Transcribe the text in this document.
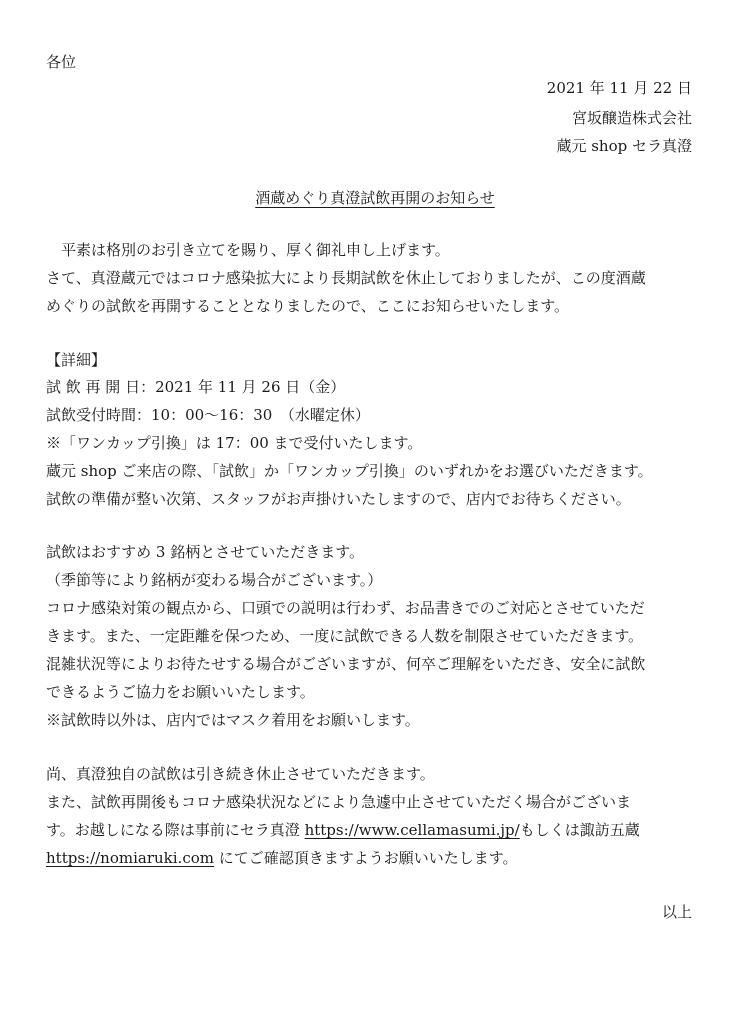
各位
2021 年 11 月 22 日
宮坂醸造株式会社
蔵元 shop セラ真澄
酒蔵めぐり真澄試飲再開のお知らせ
　平素は格別のお引き立てを賜り、厚く御礼申し上げます。
さて、真澄蔵元ではコロナ感染拡大により長期試飲を休止しておりましたが、この度酒蔵
めぐりの試飲を再開することとなりましたので、ここにお知らせいたします。
【詳細】
試 飲 再 開 日：2021 年 11 月 26 日（金）
試飲受付時間：10：00～16：30　（水曜定休）
※「ワンカップ引換」は 17：00 まで受付いたします。
蔵元 shop ご来店の際、「試飲」か「ワンカップ引換」のいずれかをお選びいただきます。
試飲の準備が整い次第、スタッフがお声掛けいたしますので、店内でお待ちください。
試飲はおすすめ 3 銘柄とさせていただきます。
（季節等により銘柄が変わる場合がございます。）
コロナ感染対策の観点から、口頭での説明は行わず、お品書きでのご対応とさせていただ
きます。また、一定距離を保つため、一度に試飲できる人数を制限させていただきます。
混雑状況等によりお待たせする場合がございますが、何卒ご理解をいただき、安全に試飲
できるようご協力をお願いいたします。
※試飲時以外は、店内ではマスク着用をお願いします。
尚、真澄独自の試飲は引き続き休止させていただきます。
また、試飲再開後もコロナ感染状況などにより急遽中止させていただく場合がございま
す。お越しになる際は事前にセラ真澄 https://www.cellamasumi.jp/もしくは諏訪五蔵
https://nomiaruki.com にてご確認頂きますようお願いいたします。
以上
